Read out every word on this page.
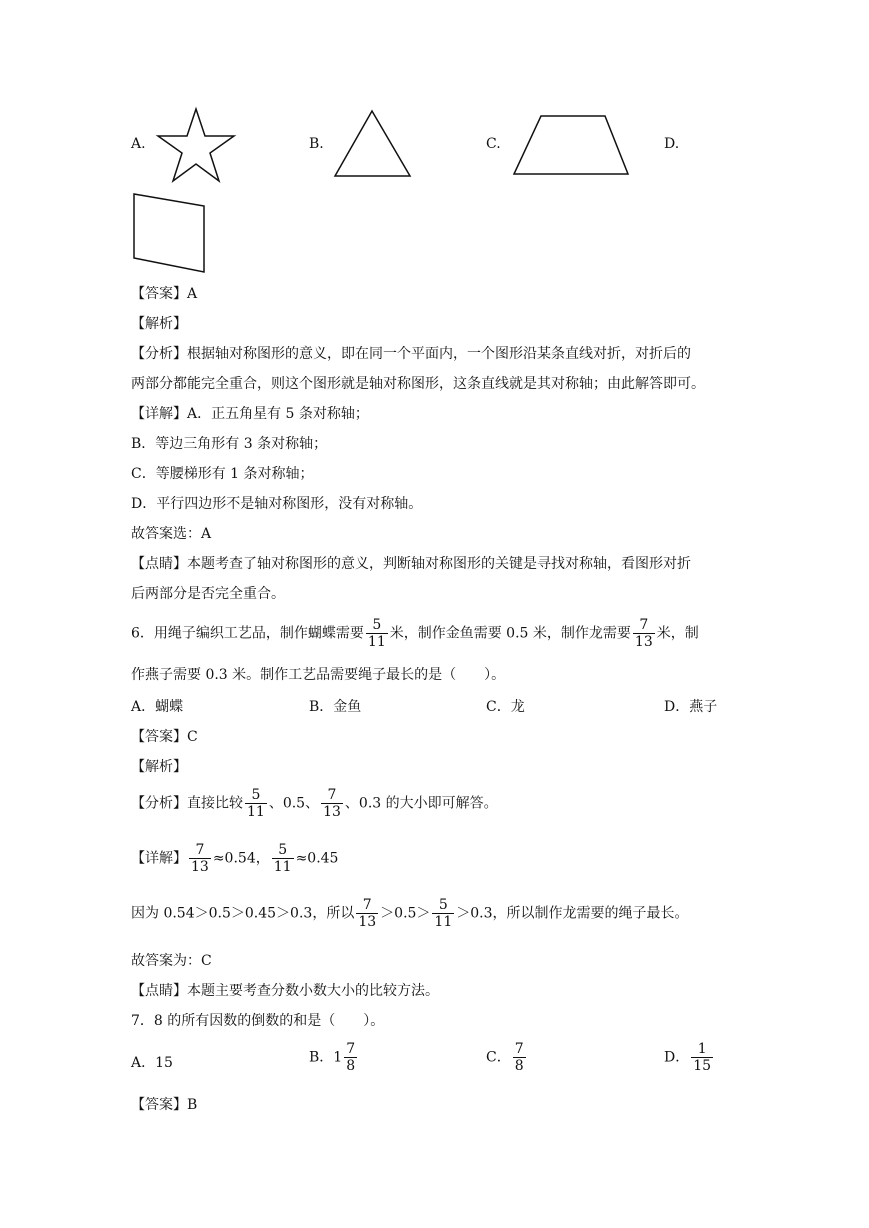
A.	B.	C.	D.
【答案】A
【解析】
【分析】根据轴对称图形的意义，即在同一个平面内，一个图形沿某条直线对折，对折后的
两部分都能完全重合，则这个图形就是轴对称图形，这条直线就是其对称轴；由此解答即可。
【详解】A．正五角星有 5 条对称轴；
B．等边三角形有 3 条对称轴；
C．等腰梯形有 1 条对称轴；
D．平行四边形不是轴对称图形，没有对称轴。
故答案选：A
【点睛】本题考查了轴对称图形的意义，判断轴对称图形的关键是寻找对称轴，看图形对折
后两部分是否完全重合。
6．用绳子编织工艺品，制作蝴蝶需要 $\frac{5}{11}$ 米，制作金鱼需要 0.5 米，制作龙需要 $\frac{7}{13}$ 米，制
作燕子需要 0.3 米。制作工艺品需要绳子最长的是（　　）。
A．蝴蝶	B．金鱼	C．龙	D．燕子
【答案】C
【解析】
【分析】直接比较 $\frac{5}{11}$ 、0.5、 $\frac{7}{13}$ 、0.3 的大小即可解答。
【详解】 $\frac{7}{13} \approx 0.54$， $\frac{5}{11} \approx 0.45$
因为 0.54＞0.5＞0.45＞0.3，所以 $\frac{7}{13} >0.5> \frac{5}{11} >0.3$，所以制作龙需要的绳子最长。
故答案为：C
【点睛】本题主要考查分数小数大小的比较方法。
7．8 的所有因数的倒数的和是（　　）。
A．15	B．$1 \frac{7}{8}$	C． $\frac{7}{8}$	D． $\frac{1}{15}$
【答案】B
